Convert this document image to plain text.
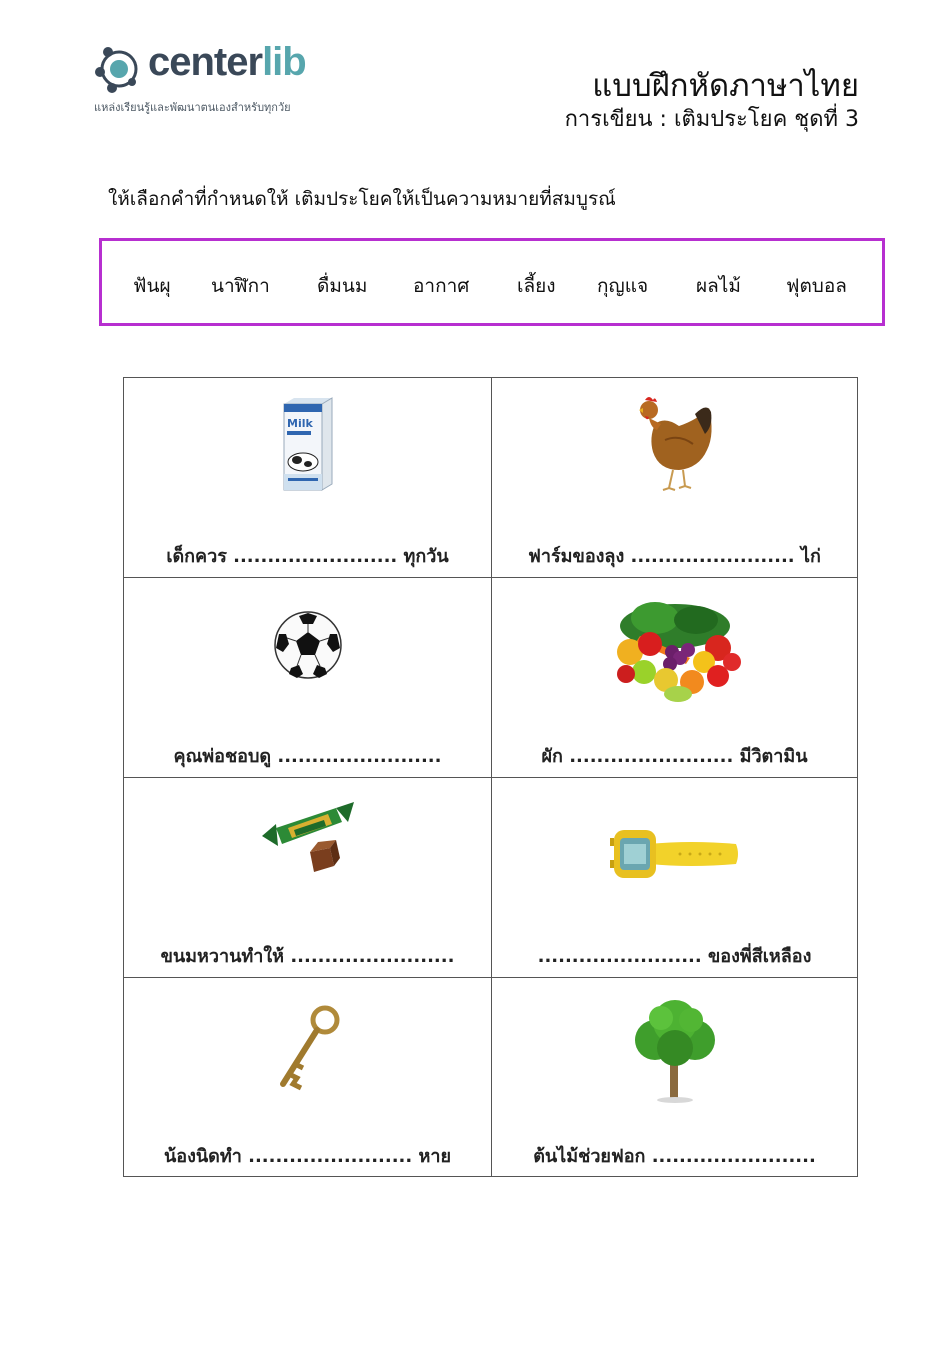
centerlib
แหล่งเรียนรู้และพัฒนาตนเองสำหรับทุกวัย
แบบฝึกหัดภาษาไทย
การเขียน : เติมประโยค ชุดที่ 3
ให้เลือกคำที่กำหนดให้ เติมประโยคให้เป็นความหมายที่สมบูรณ์
ฟันผุ นาฬิกา ดื่มนม อากาศ	เลี้ยง กุญแจ	ผลไม้ ฟุตบอล
Milk
เด็กควร ........................ ทุกวัน	ฟาร์มของลุง ........................ ไก่
คุณพ่อชอบดู ........................	ผัก ........................ มีวิตามิน
ขนมหวานทำให้ ........................	........................ ของพี่สีเหลือง
น้องนิดทำ ........................ หาย	ต้นไม้ช่วยฟอก ........................
